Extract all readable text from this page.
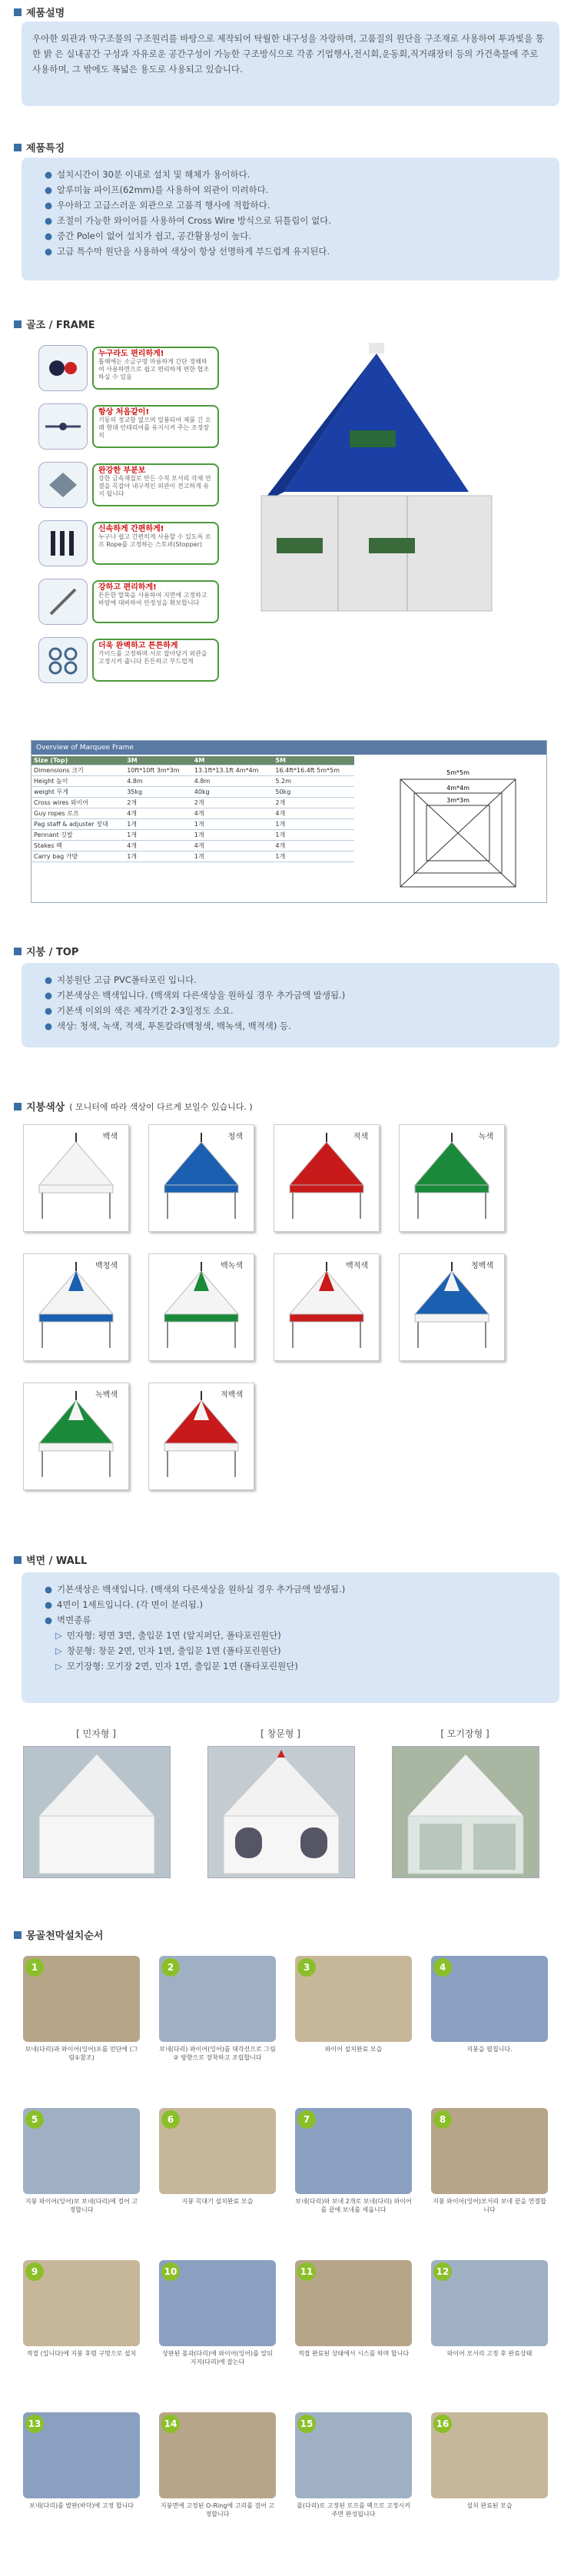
제품설명

우아한 외관과 막구조물의 구조원리를 바탕으로 제작되어 탁월한 내구성을 자랑하며, 고품질의 원단을 구조재로 사용하여 투과빛을 통한 밝 은 실내공간 구성과 자유로운 공간구성이 가능한 구조방식으로 각종 기업행사,전시회,운동회,직거래장터 등의 가건축물에 주로 사용하며, 그 밖에도 폭넓은 용도로 사용되고 있습니다.

제품특징
● 설치시간이 30분 이내로 설치 및 해체가 용이하다.
● 알루미늄 파이프(62mm)를 사용하여 외관이 미려하다.
● 우아하고 고급스러운 외관으로 고품격 행사에 적합하다.
● 조절이 가능한 와이어를 사용하여 Cross Wire 방식으로 뒤틀림이 없다.
● 중간 Pole이 없어 설치가 쉽고, 공간활용성이 높다.
● 고급 특수막 원단을 사용하여 색상이 항상 선명하게 부드럽게 유지된다.
골조 / FRAME
누구라도 편리하게!
톱해에는 소금구멍 마름하게 간단 정해하여 사용하면으로 쉽고 편리하게 편한 협조하실 수 있음
항상 처음같이!
기둥의 정교함 없으며 밀봉되어 제품 긴 오래 현대 인테리어를 유지시켜 주는 조정장치
완강한 부분보
강한 금속재질로 만든 수직 모서리 각재 연결을 꼭잡아 내구적인 외관이 견고하게 유지 됩니다
신속하게 간편하게!
누구나 쉽고 간편히게 사용할 수 있도록 로프 Rope를 고정하는 스토퍼(Stopper)
강하고 편리하게!
튼튼한 말뚝을 사용하여 지면에 고정하고 바람에 대비하여 안정성을 확보합니다
더욱 완벽하고 튼튼하게
가이드를 고정하며 서로 잡아당겨 외관을 고정시켜 줍니다 튼튼하고 부드럽게
Overview of Marquee Frame
Size (Top)	3M	4M	5M
Dimensions 크기	10ft*10ft 3m*3m	13.1ft*13.1ft 4m*4m	16.4ft*16.4ft 5m*5m
Height 높이	4.8m	4.8m	5.2m
weight 무게	35kg	40kg	50kg
Cross wires 와이어	2개	2개	2개
Guy ropes 로프	4개	4개	4개
Pag staff & adjuster 장대	1개	1개	1개
Pennant 깃발	1개	1개	1개
Stakes 팩	4개	4개	4개
Carry bag 가방	1개	1개	1개
5m*5m
4m*4m
3m*3m
지붕 / TOP
● 지붕원단 고급 PVC폴타포린 입니다.
● 기본색상은 백색입니다. (백색외 다른색상을 원하실 경우 추가금액 발생됨.)
● 기본색 이외의 색은 제작기간 2-3일정도 소요.
● 색상: 청색, 녹색, 적색, 투톤칼라(백청색, 백녹색, 백적색) 등.
지붕색상 ( 모니터에 따라 색상이 다르게 보일수 있습니다. )
백색	청색	적색	녹색
백청색	백녹색	백적색	청백색
녹백색	적백색
벽면 / WALL
● 기본색상은 백색입니다. (백색외 다른색상을 원하실 경우 추가금액 발생됨.)
● 4면이 1세트입니다. (각 면이 분리됨.)
● 벽면종류
▷ 민자형: 평면 3면, 출입문 1면 (앞지퍼단, 폴타포린원단)
▷ 창문형: 창문 2면, 민자 1면, 출입문 1면 (폴타포린원단)
▷ 모기장형: 모기장 2면, 민자 1면, 출입문 1면 (폴타포린원단)
[ 민자형 ]	[ 창문형 ]	[ 모기장형 ]
몽골천막설치순서
1
보네(다리)과 와이어(잉어)포를 얻단에 (그림①참조)
2
보네(다리) 와이어(잉어)를 대각선으로 그림 ② 방향으로 장착하고 조립합니다
3
와이어 설치완료 모습
4
지붕을 펼칩니다.
5
지붕 와이어(잉어)보 보네(다리)에 걸어 고정합니다
6
지붕 꼭대기 설치완료 모습
7
보네(다리)와 보네 2개로 보네(다리) 와이어를 끝에 보네를 세웁니다
8
지붕 와이어(잉어)모서리 보네 끝을 연결합니다
9
적절 (입니다)에 지붕 후렴 구멍으로 설치
10
상판된 폴과(다리)에 와이어(잉어)를 앞뒤 지지(다리)에 잡는다
11
적절 완료된 상태에서 시스를 하며 합니다
12
와이어 모서리 고정 후 완료상태
13
보네(다리)를 발판(바닥)에 고정 합니다
14
지붕면에 고정된 O-Ring에 고리를 걸어 고정합니다
15
폴(다리)로 고정된 로프를 팩으로 고정시켜 주면 완성됩니다
16
설치 완료된 모습
